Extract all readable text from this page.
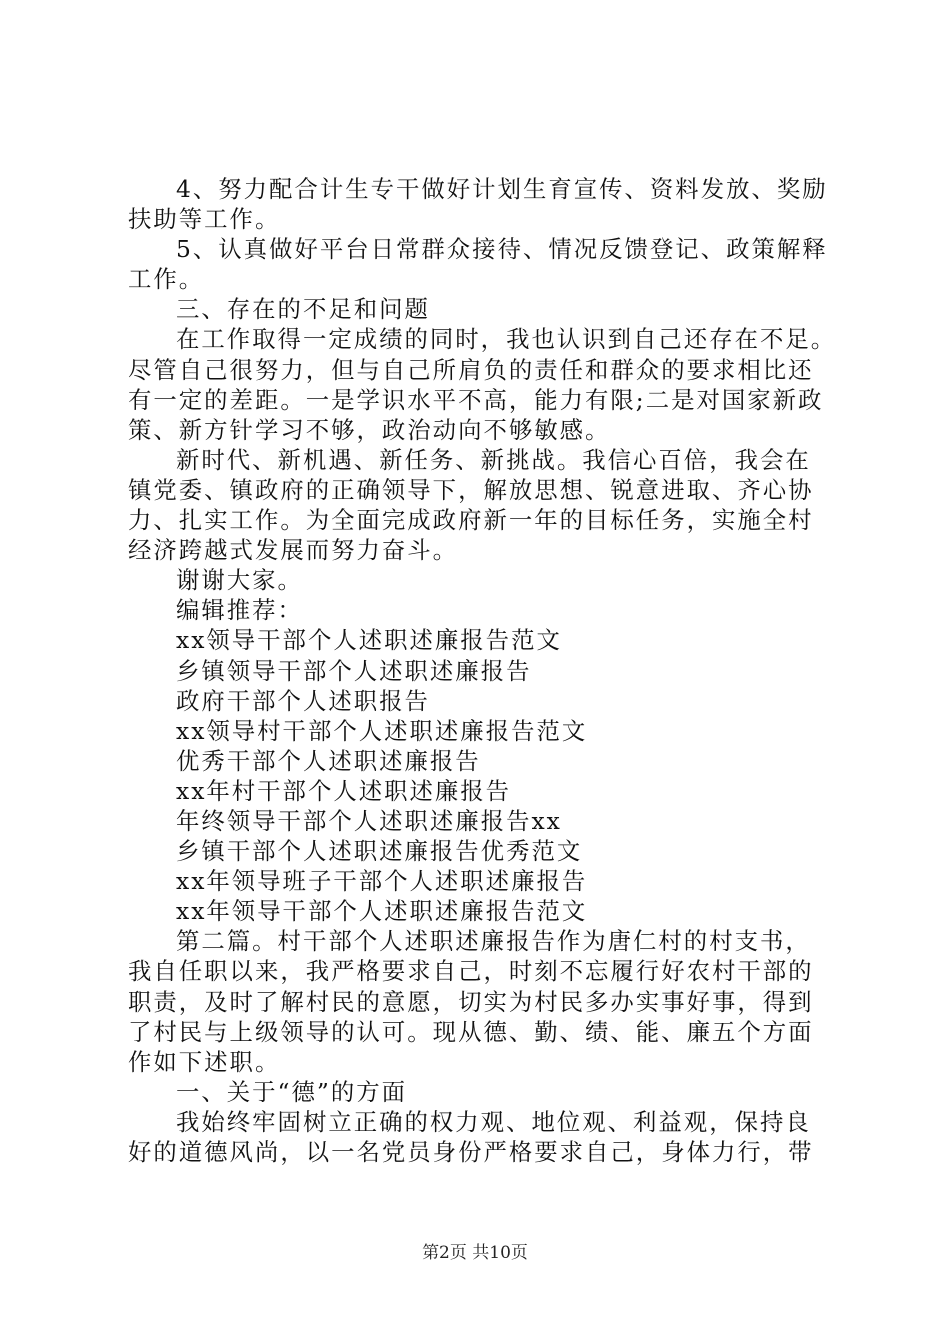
4、努力配合计生专干做好计划生育宣传、资料发放、奖励
扶助等工作。
5、认真做好平台日常群众接待、情况反馈登记、政策解释
工作。
三、存在的不足和问题
在工作取得一定成绩的同时，我也认识到自己还存在不足。
尽管自己很努力，但与自己所肩负的责任和群众的要求相比还
有一定的差距。一是学识水平不高，能力有限;二是对国家新政
策、新方针学习不够，政治动向不够敏感。
新时代、新机遇、新任务、新挑战。我信心百倍，我会在
镇党委、镇政府的正确领导下，解放思想、锐意进取、齐心协
力、扎实工作。为全面完成政府新一年的目标任务，实施全村
经济跨越式发展而努力奋斗。
谢谢大家。
编辑推荐：
xx领导干部个人述职述廉报告范文
乡镇领导干部个人述职述廉报告
政府干部个人述职报告
xx领导村干部个人述职述廉报告范文
优秀干部个人述职述廉报告
xx年村干部个人述职述廉报告
年终领导干部个人述职述廉报告xx
乡镇干部个人述职述廉报告优秀范文
xx年领导班子干部个人述职述廉报告
xx年领导干部个人述职述廉报告范文
第二篇。村干部个人述职述廉报告作为唐仁村的村支书，
我自任职以来，我严格要求自己，时刻不忘履行好农村干部的
职责，及时了解村民的意愿，切实为村民多办实事好事，得到
了村民与上级领导的认可。现从德、勤、绩、能、廉五个方面
作如下述职。
一、关于“德”的方面
我始终牢固树立正确的权力观、地位观、利益观，保持良
好的道德风尚，以一名党员身份严格要求自己，身体力行，带
第2页 共10页
